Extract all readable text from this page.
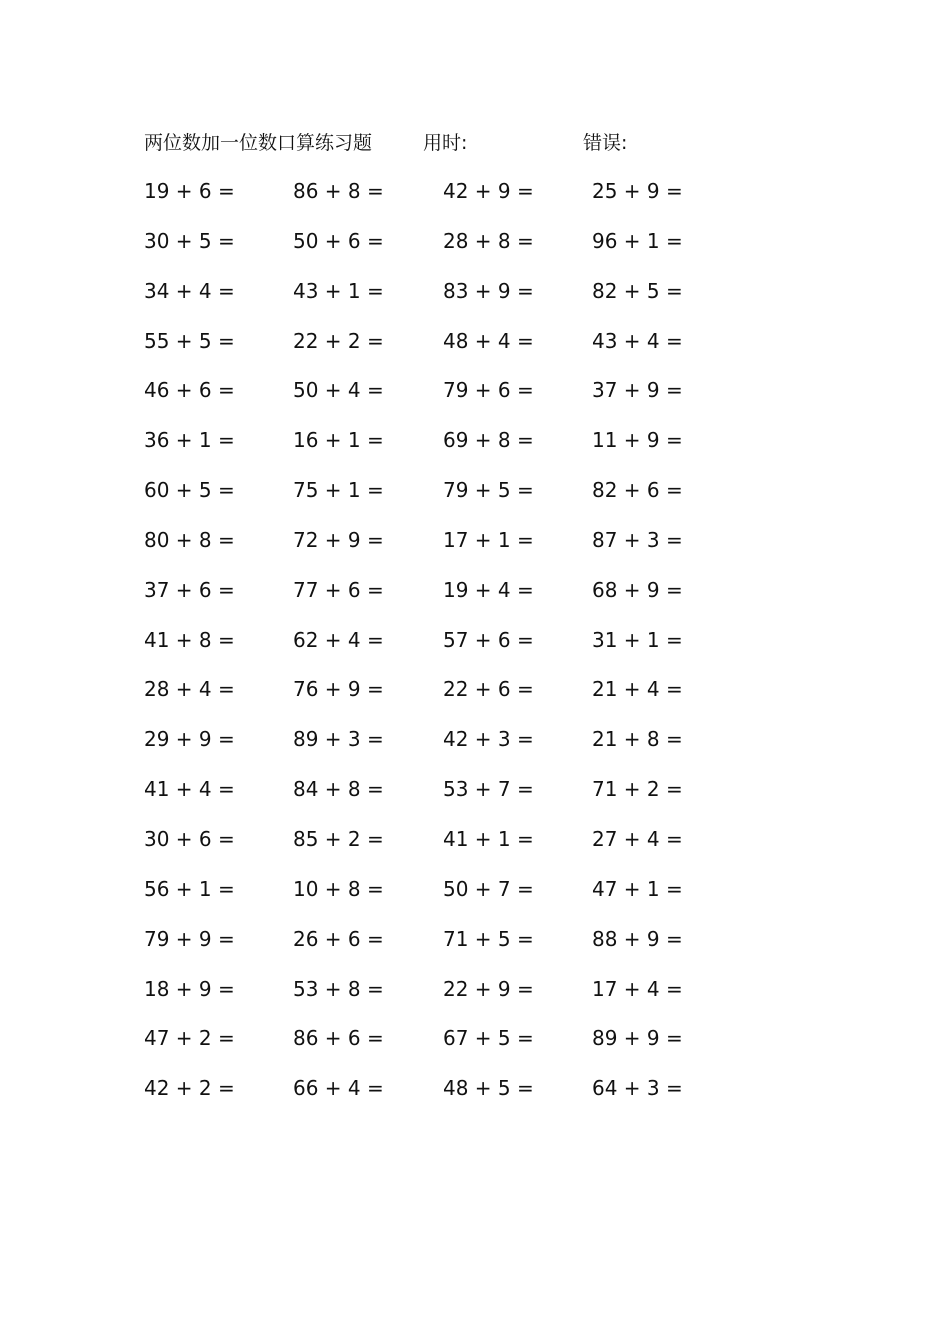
两位数加一位数口算练习题	用时:	错误:
19 + 6 =	86 + 8 =	42 + 9 =	25 + 9 =
30 + 5 =	50 + 6 =	28 + 8 =	96 + 1 =
34 + 4 =	43 + 1 =	83 + 9 =	82 + 5 =
55 + 5 =	22 + 2 =	48 + 4 =	43 + 4 =
46 + 6 =	50 + 4 =	79 + 6 =	37 + 9 =
36 + 1 =	16 + 1 =	69 + 8 =	11 + 9 =
60 + 5 =	75 + 1 =	79 + 5 =	82 + 6 =
80 + 8 =	72 + 9 =	17 + 1 =	87 + 3 =
37 + 6 =	77 + 6 =	19 + 4 =	68 + 9 =
41 + 8 =	62 + 4 =	57 + 6 =	31 + 1 =
28 + 4 =	76 + 9 =	22 + 6 =	21 + 4 =
29 + 9 =	89 + 3 =	42 + 3 =	21 + 8 =
41 + 4 =	84 + 8 =	53 + 7 =	71 + 2 =
30 + 6 =	85 + 2 =	41 + 1 =	27 + 4 =
56 + 1 =	10 + 8 =	50 + 7 =	47 + 1 =
79 + 9 =	26 + 6 =	71 + 5 =	88 + 9 =
18 + 9 =	53 + 8 =	22 + 9 =	17 + 4 =
47 + 2 =	86 + 6 =	67 + 5 =	89 + 9 =
42 + 2 =	66 + 4 =	48 + 5 =	64 + 3 =
